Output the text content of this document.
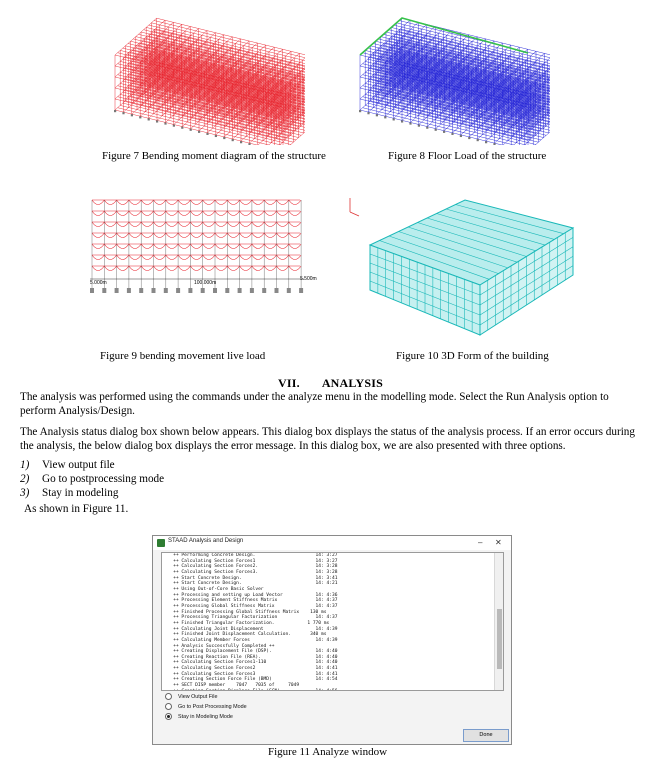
Figure 7 Bending moment diagram of the structure	Figure 8 Floor Load of the structure
5.000m	100.000m
5.500m
Figure 9 bending movement live load	Figure 10 3D Form of the building
VII. ANALYSIS
The analysis was performed using the commands under the analyze menu in the modelling mode. Select the Run Analysis option to perform Analysis/Design.
The Analysis status dialog box shown below appears. This dialog box displays the status of the analysis process. If an error occurs during the analysis, the below dialog box displays the error message. In this dialog box, we are also presented with three options.
1)	View output file
2)	Go to postprocessing mode
3)	Stay in modeling
As shown in Figure 11.
STAAD Analysis and Design	– ✕
++ Performing Concrete Design.                      14: 3:27
++ Calculating Section Forces1                      14: 3:27
++ Calculating Section Forces2.                     14: 3:28
++ Calculating Section Forces3.                     14: 3:28
++ Start Concrete Design.                           14: 3:41
++ Start Concrete Design.                           14: 4:21
++ Using Out-of-Core Basic Solver
++ Processing and setting up Load Vector            14: 4:36
++ Processing Element Stiffness Matrix              14: 4:37
++ Processing Global Stiffness Matrix               14: 4:37
++ Finished Processing Global Stiffness Matrix    130 ms
++ Processing Triangular Factorization              14: 4:37
++ Finished Triangular Factorization.            1 770 ms
++ Calculating Joint Displacement                   14: 4:39
++ Finished Joint Displacement Calculation.       340 ms
++ Calculating Member Forces                        14: 4:39
++ Analysis Successfully Completed ++
++ Creating Displacement File (DSP).                14: 4:40
++ Creating Reaction File (REA).                    14: 4:40
++ Calculating Section Forces1-110                  14: 4:40
++ Calculating Section Forces2                      14: 4:41
++ Calculating Section Forces3                      14: 4:41
++ Creating Section Force File (BMD)                14: 4:54
++ SECT DISP member    7047   7035 of     7049

View Output File
Go to Post Processing Mode
Stay in Modeling Mode
Done
Figure 11 Analyze window
